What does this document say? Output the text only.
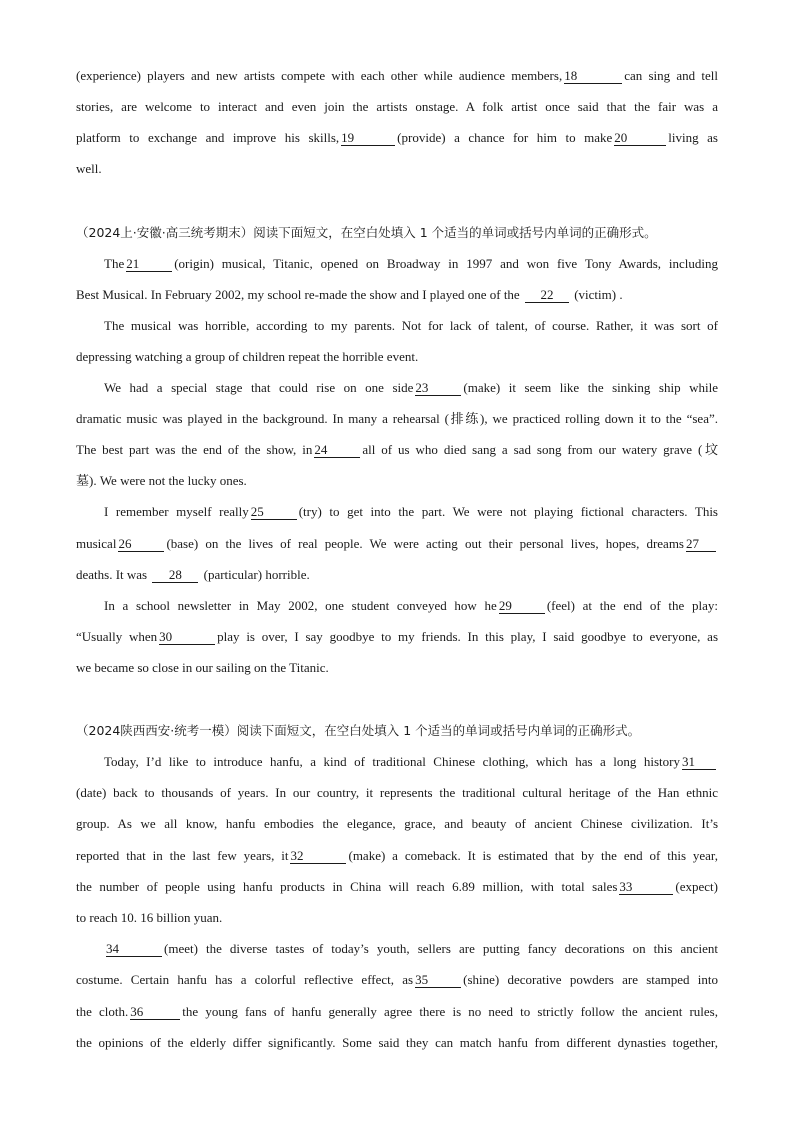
(experience) players and new artists compete with each other while audience members, 18	can sing and tell
stories, are welcome to interact and even join the artists onstage. A folk artist once said that the fair was a
platform to exchange and improve his skills, 19	(provide) a chance for him to make 20	living as
well.
（2024上·安徽·高三统考期末）阅读下面短文，在空白处填入 1 个适当的单词或括号内单词的正确形式。
The 21	(origin) musical, Titanic, opened on Broadway in 1997 and won five Tony Awards, including
Best Musical. In February 2002, my school re-made the show and I played one of the 22 (victim) .
The musical was horrible, according to my parents. Not for lack of talent, of course. Rather, it was sort of
depressing watching a group of children repeat the horrible event.
We had a special stage that could rise on one side 23	(make) it seem like the sinking ship while
dramatic music was played in the background. In many a rehearsal (排练), we practiced rolling down it to the “sea”.
The best part was the end of the show, in 24	all of us who died sang a sad song from our watery grave (坟
墓). We were not the lucky ones.
I remember myself really 25	(try) to get into the part. We were not playing fictional characters. This
musical 26	(base) on the lives of real people. We were acting out their personal lives, hopes, dreams 27
deaths. It was 28 (particular) horrible.
In a school newsletter in May 2002, one student conveyed how he 29	(feel) at the end of the play:
“Usually when 30	play is over, I say goodbye to my friends. In this play, I said goodbye to everyone, as
we became so close in our sailing on the Titanic.
（2024陕西西安·统考一模）阅读下面短文，在空白处填入 1 个适当的单词或括号内单词的正确形式。
Today, I’d like to introduce hanfu, a kind of traditional Chinese clothing, which has a long history 31
(date) back to thousands of years. In our country, it represents the traditional cultural heritage of the Han ethnic
group. As we all know, hanfu embodies the elegance, grace, and beauty of ancient Chinese civilization. It’s
reported that in the last few years, it 32	(make) a comeback. It is estimated that by the end of this year,
the number of people using hanfu products in China will reach 6.89 million, with total sales 33	(expect)
to reach 10. 16 billion yuan.
34	(meet) the diverse tastes of today’s youth, sellers are putting fancy decorations on this ancient
costume. Certain hanfu has a colorful reflective effect, as 35	(shine) decorative powders are stamped into
the cloth. 36	the young fans of hanfu generally agree there is no need to strictly follow the ancient rules,
the opinions of the elderly differ significantly. Some said they can match hanfu from different dynasties together,
